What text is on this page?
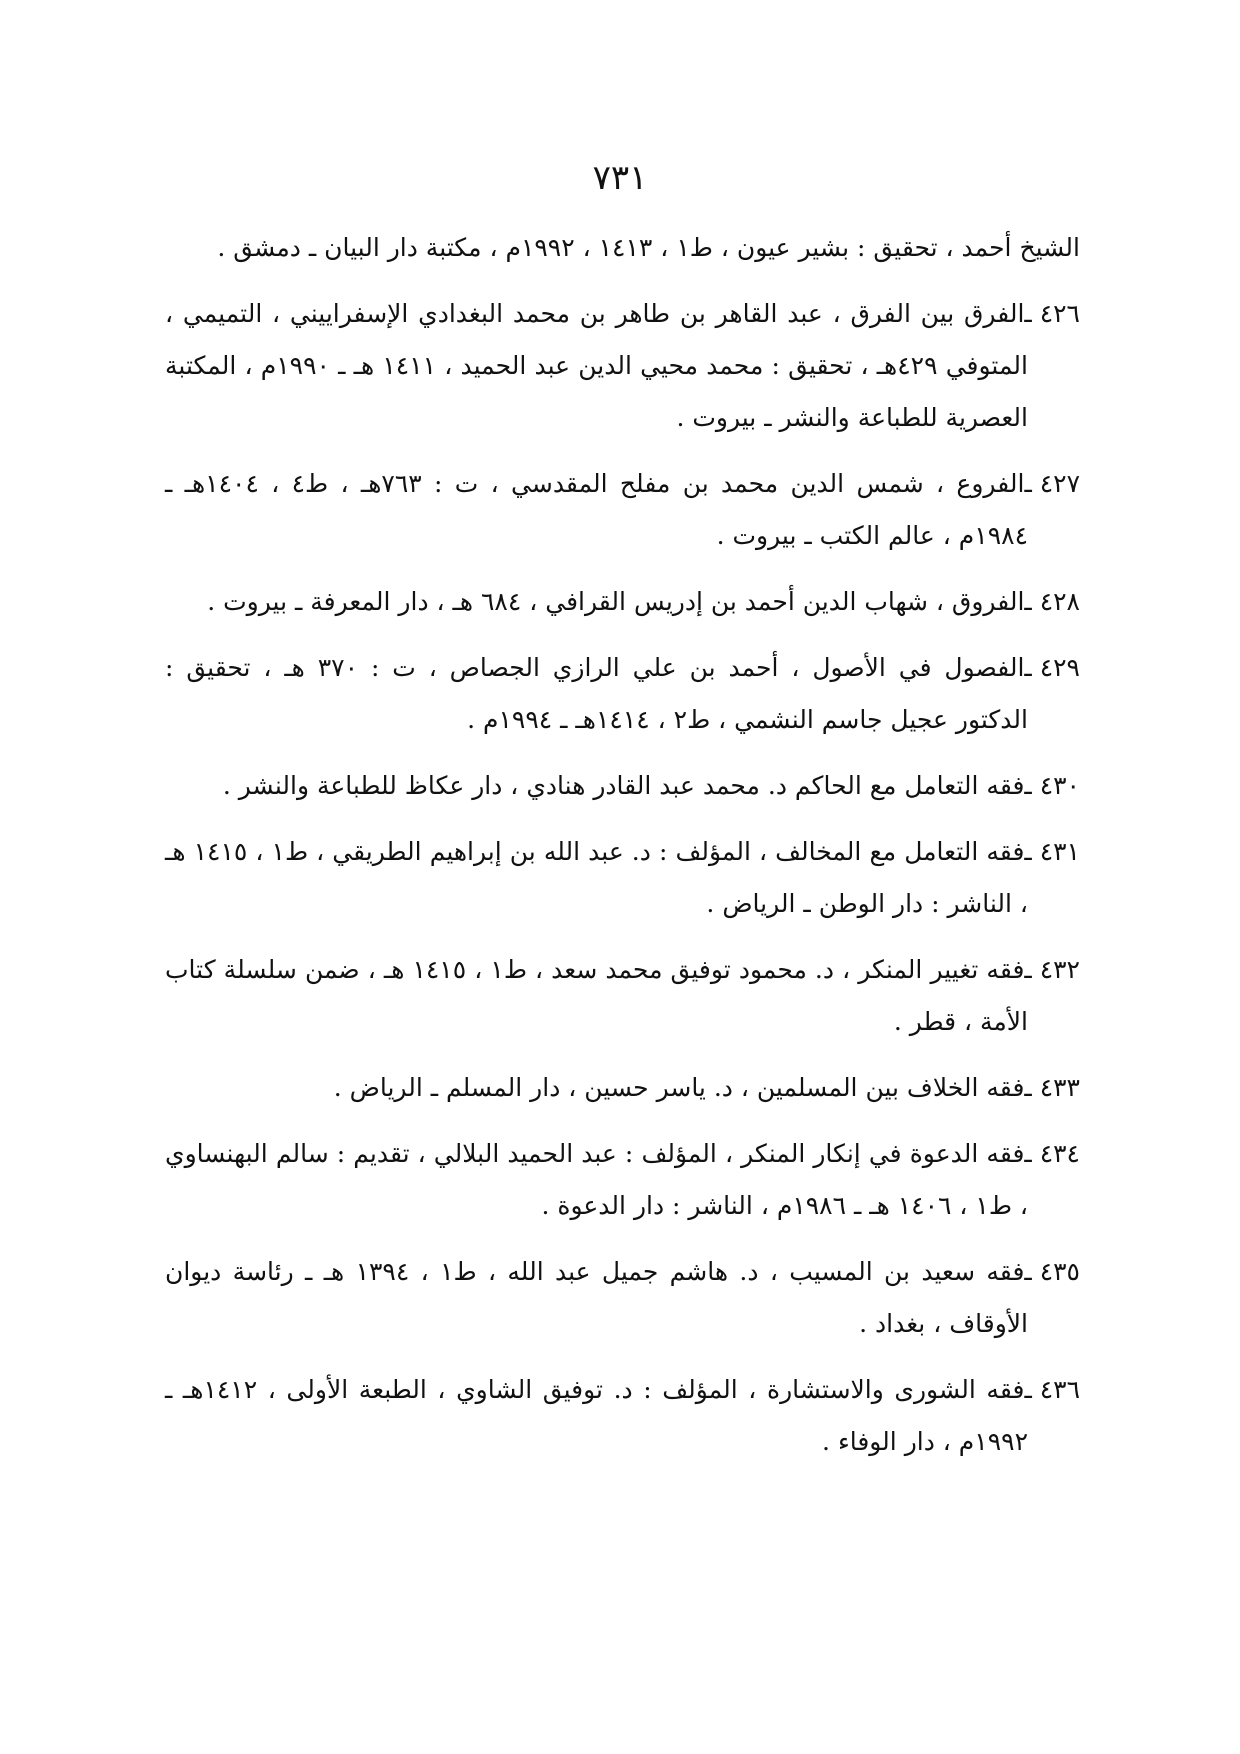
٧٣١

الشيخ أحمد ، تحقيق : بشير عيون ، ط١ ، ١٤١٣ ، ١٩٩٢م ، مكتبة دار البيان ـ دمشق .

٤٢٦ ـالفرق بين الفرق ، عبد القاهر بن طاهر بن محمد البغدادي الإسفراييني ، التميمي ، المتوفي ٤٢٩هـ ، تحقيق : محمد محيي الدين عبد الحميد ، ١٤١١ هـ ـ ١٩٩٠م ، المكتبة العصرية للطباعة والنشر ـ بيروت .

٤٢٧ ـالفروع ، شمس الدين محمد بن مفلح المقدسي ، ت : ٧٦٣هـ ، ط٤ ، ١٤٠٤هـ ـ ١٩٨٤م ، عالم الكتب ـ بيروت .

٤٢٨ ـالفروق ، شهاب الدين أحمد بن إدريس القرافي ، ٦٨٤ هـ ، دار المعرفة ـ بيروت .

٤٢٩ ـالفصول في الأصول ، أحمد بن علي الرازي الجصاص ، ت : ٣٧٠ هـ ، تحقيق : الدكتور عجيل جاسم النشمي ، ط٢ ، ١٤١٤هـ ـ ١٩٩٤م .

٤٣٠ ـفقه التعامل مع الحاكم د. محمد عبد القادر هنادي ، دار عكاظ للطباعة والنشر .

٤٣١ ـفقه التعامل مع المخالف ، المؤلف : د. عبد الله بن إبراهيم الطريقي ، ط١ ، ١٤١٥ هـ ، الناشر : دار الوطن ـ الرياض .

٤٣٢ ـفقه تغيير المنكر ، د. محمود توفيق محمد سعد ، ط١ ، ١٤١٥ هـ ، ضمن سلسلة كتاب الأمة ، قطر .

٤٣٣ ـفقه الخلاف بين المسلمين ، د. ياسر حسين ، دار المسلم ـ الرياض .

٤٣٤ ـفقه الدعوة في إنكار المنكر ، المؤلف : عبد الحميد البلالي ، تقديم : سالم البهنساوي ، ط١ ، ١٤٠٦ هـ ـ ١٩٨٦م ، الناشر : دار الدعوة .

٤٣٥ ـفقه سعيد بن المسيب ، د. هاشم جميل عبد الله ، ط١ ، ١٣٩٤ هـ ـ رئاسة ديوان الأوقاف ، بغداد .

٤٣٦ ـفقه الشورى والاستشارة ، المؤلف : د. توفيق الشاوي ، الطبعة الأولى ، ١٤١٢هـ ـ ١٩٩٢م ، دار الوفاء .
